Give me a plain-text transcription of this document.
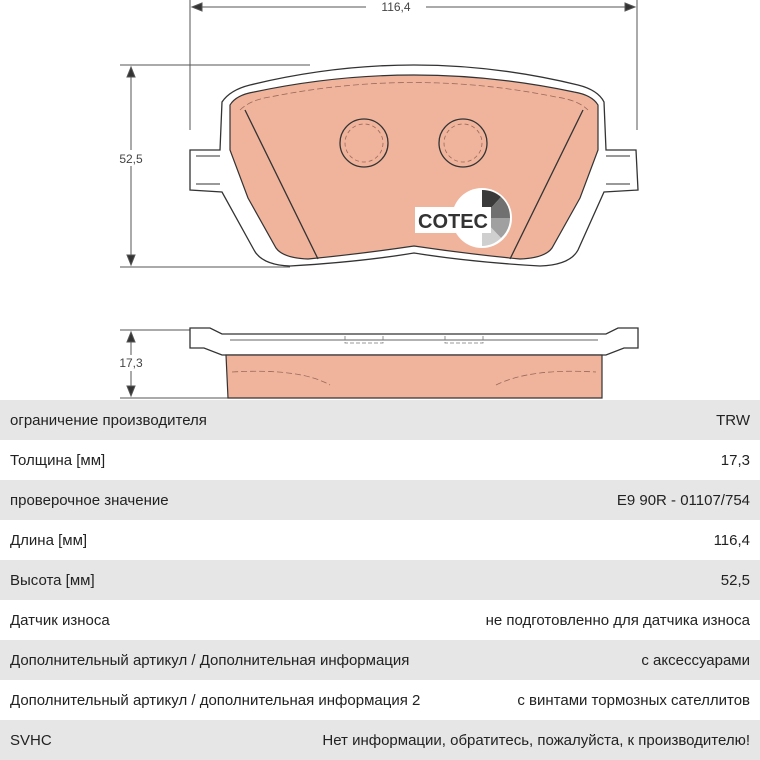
116,4
52,5
COTEC
17,3
ограничение производителя	TRW
Толщина [мм]	17,3
проверочное значение	E9 90R - 01107/754
Длина [мм]	116,4
Высота [мм]	52,5
Датчик износа	не подготовленно для датчика износа
Дополнительный артикул / Дополнительная информация	с аксессуарами
Дополнительный артикул / дополнительная информация 2	с винтами тормозных сателлитов
SVHC	Нет информации, обратитесь, пожалуйста, к производителю!
